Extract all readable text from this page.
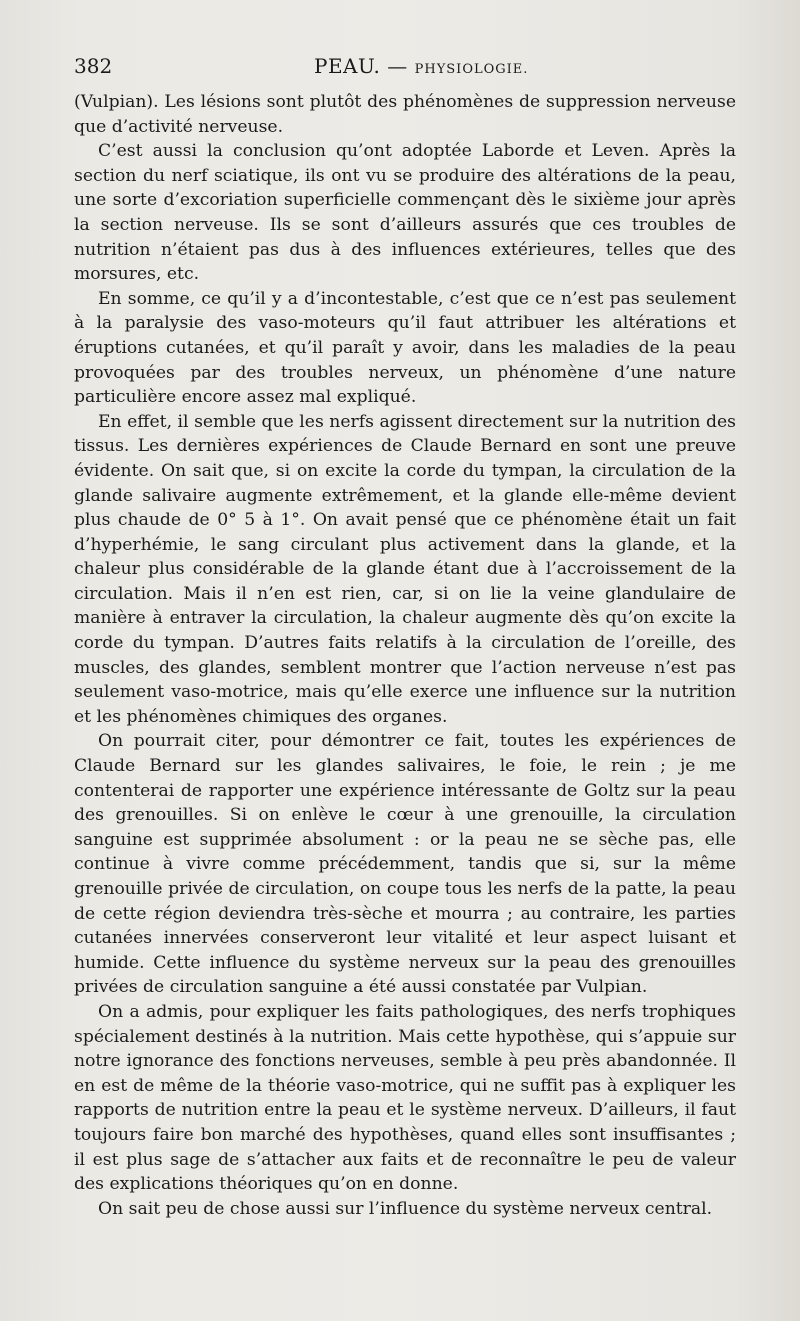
382	PEAU. — PHYSIOLOGIE.

(Vulpian). Les lésions sont plutôt des phénomènes de suppression nerveuse que d’activité nerveuse.

C’est aussi la conclusion qu’ont adoptée Laborde et Leven. Après la section du nerf sciatique, ils ont vu se produire des altérations de la peau, une sorte d’excoriation superficielle commençant dès le sixième jour après la section nerveuse. Ils se sont d’ailleurs assurés que ces troubles de nutrition n’étaient pas dus à des influences extérieures, telles que des morsures, etc.

En somme, ce qu’il y a d’incontestable, c’est que ce n’est pas seulement à la paralysie des vaso-moteurs qu’il faut attribuer les altérations et éruptions cutanées, et qu’il paraît y avoir, dans les maladies de la peau provoquées par des troubles nerveux, un phénomène d’une nature particulière encore assez mal expliqué.

En effet, il semble que les nerfs agissent directement sur la nutrition des tissus. Les dernières expériences de Claude Bernard en sont une preuve évidente. On sait que, si on excite la corde du tympan, la circulation de la glande salivaire augmente extrêmement, et la glande elle-même devient plus chaude de 0° 5 à 1°. On avait pensé que ce phénomène était un fait d’hyperhémie, le sang circulant plus activement dans la glande, et la chaleur plus considérable de la glande étant due à l’accroissement de la circulation. Mais il n’en est rien, car, si on lie la veine glandulaire de manière à entraver la circulation, la chaleur augmente dès qu’on excite la corde du tympan. D’autres faits relatifs à la circulation de l’oreille, des muscles, des glandes, semblent montrer que l’action nerveuse n’est pas seulement vaso-motrice, mais qu’elle exerce une influence sur la nutrition et les phénomènes chimiques des organes.

On pourrait citer, pour démontrer ce fait, toutes les expériences de Claude Bernard sur les glandes salivaires, le foie, le rein ; je me contenterai de rapporter une expérience intéressante de Goltz sur la peau des grenouilles. Si on enlève le cœur à une grenouille, la circulation sanguine est supprimée absolument : or la peau ne se sèche pas, elle continue à vivre comme précédemment, tandis que si, sur la même grenouille privée de circulation, on coupe tous les nerfs de la patte, la peau de cette région deviendra très-sèche et mourra ; au contraire, les parties cutanées innervées conserveront leur vitalité et leur aspect luisant et humide. Cette influence du système nerveux sur la peau des grenouilles privées de circulation sanguine a été aussi constatée par Vulpian.

On a admis, pour expliquer les faits pathologiques, des nerfs trophiques spécialement destinés à la nutrition. Mais cette hypothèse, qui s’appuie sur notre ignorance des fonctions nerveuses, semble à peu près abandonnée. Il en est de même de la théorie vaso-motrice, qui ne suffit pas à expliquer les rapports de nutrition entre la peau et le système nerveux. D’ailleurs, il faut toujours faire bon marché des hypothèses, quand elles sont insuffisantes ; il est plus sage de s’attacher aux faits et de reconnaître le peu de valeur des explications théoriques qu’on en donne.

On sait peu de chose aussi sur l’influence du système nerveux central.
